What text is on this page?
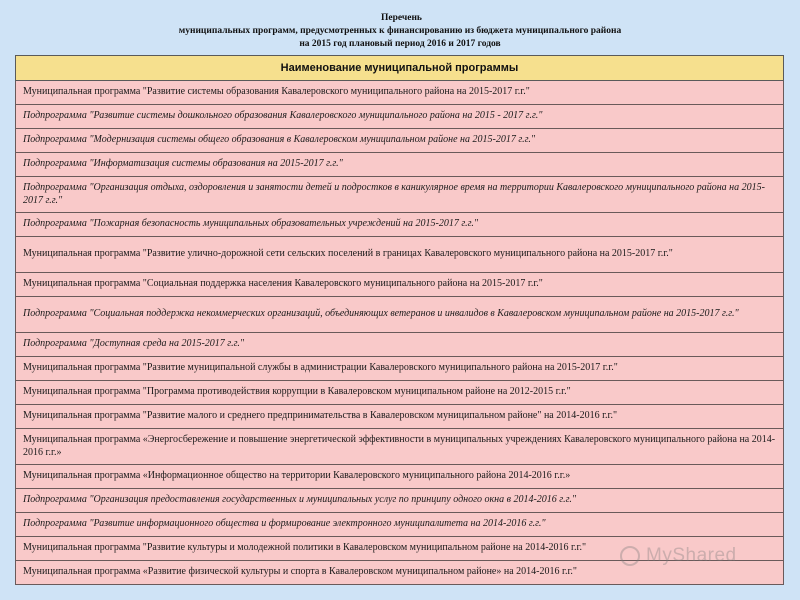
Перечень
муниципальных программ, предусмотренных к финансированию из бюджета муниципального района
на 2015 год плановый период 2016 и 2017 годов
Наименование муниципальной программы
Муниципальная программа "Развитие системы образования Кавалеровского муниципального района на 2015-2017 г.г."
Подпрограмма "Развитие системы дошкольного образования Кавалеровского муниципального района на 2015 - 2017 г.г."
Подпрограмма "Модернизация системы общего образования в Кавалеровском муниципальном районе на 2015-2017 г.г."
Подпрограмма "Информатизация системы образования на 2015-2017 г.г."
Подпрограмма "Организация отдыха, оздоровления и занятости детей и подростков в каникулярное время на территории Кавалеровского муниципального района на 2015-2017 г.г."
Подпрограмма "Пожарная безопасность муниципальных образовательных учреждений на 2015-2017 г.г."
Муниципальная программа "Развитие улично-дорожной сети сельских поселений в границах Кавалеровского муниципального района на 2015-2017 г.г."
Муниципальная программа "Социальная поддержка населения Кавалеровского муниципального района на 2015-2017 г.г."
Подпрограмма "Социальная поддержка некоммерческих организаций, объединяющих ветеранов и инвалидов в Кавалеровском муниципальном районе на 2015-2017 г.г."
Подпрограмма "Доступная среда на 2015-2017 г.г."
Муниципальная программа "Развитие муниципальной службы в администрации Кавалеровского муниципального района на 2015-2017 г.г."
Муниципальная программа "Программа противодействия коррупции в Кавалеровском муниципальном районе на 2012-2015 г.г."
Муниципальная программа "Развитие малого и среднего предпринимательства в Кавалеровском муниципальном районе" на 2014-2016 г.г."
Муниципальная программа «Энергосбережение и повышение энергетической эффективности в муниципальных учреждениях Кавалеровского муниципального района на 2014-2016 г.г.»
Муниципальная программа «Информационное общество на территории Кавалеровского муниципального района 2014-2016 г.г.»
Подпрограмма "Организация предоставления государственных и муниципальных услуг по принципу одного окна в 2014-2016 г.г."
Подпрограмма "Развитие информационного общества и формирование электронного муниципалитета на 2014-2016 г.г."
Муниципальная программа "Развитие культуры и молодежной политики в Кавалеровском муниципальном районе на 2014-2016 г.г."
Муниципальная программа «Развитие физической культуры и спорта в Кавалеровском муниципальном районе» на 2014-2016 г.г."
MyShared
